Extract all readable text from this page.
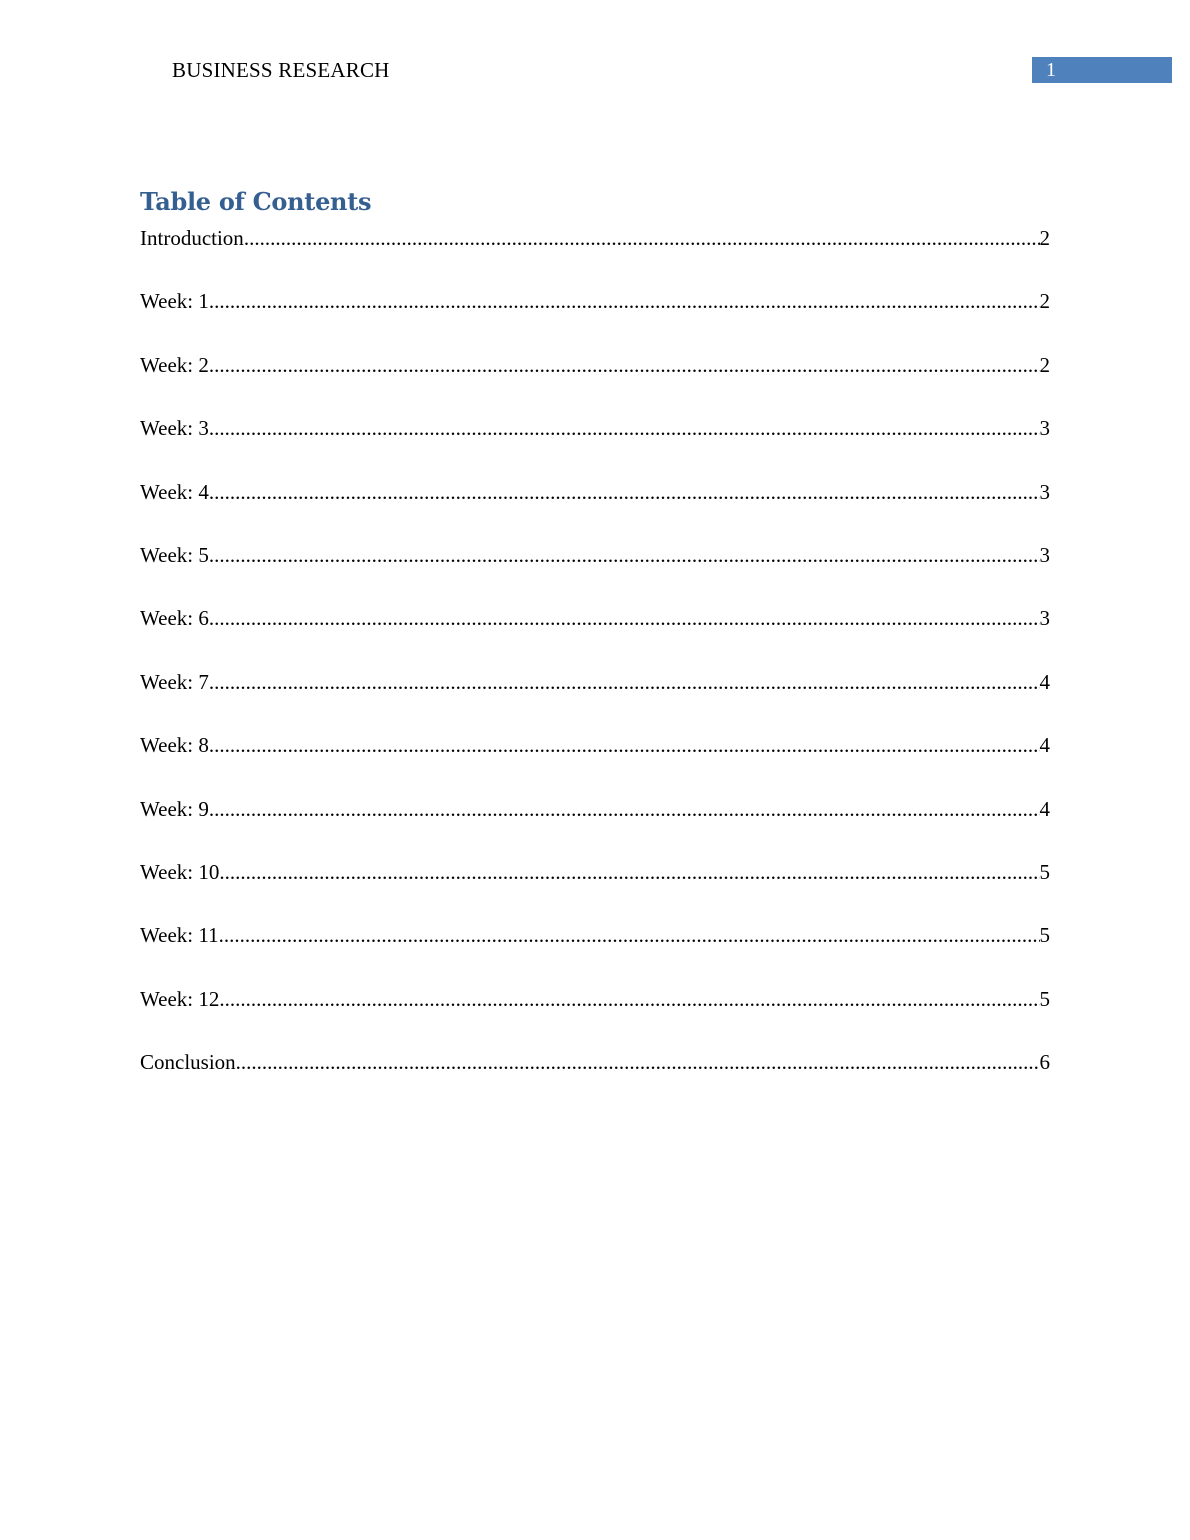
BUSINESS RESEARCH	1
Table of Contents
Introduction .....	2
Week: 1 .....	2
Week: 2 .....	2
Week: 3 .....	3
Week: 4 .....	3
Week: 5 .....	3
Week: 6 .....	3
Week: 7 .....	4
Week: 8 .....	4
Week: 9 .....	4
Week: 10 .....	5
Week: 11 .....	5
Week: 12 .....	5
Conclusion .....	6
